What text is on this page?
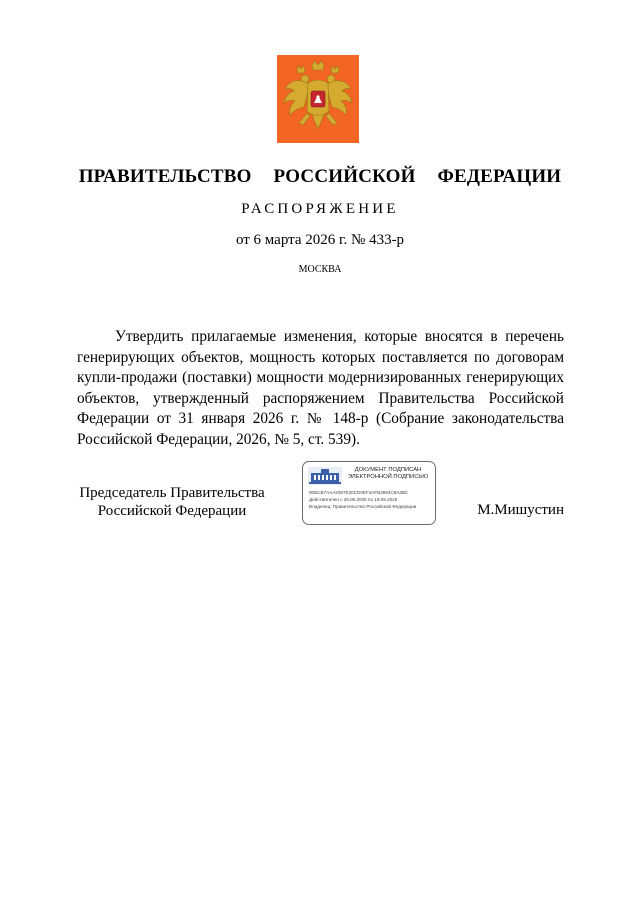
ПРАВИТЕЛЬСТВО  РОССИЙСКОЙ  ФЕДЕРАЦИИ
РАСПОРЯЖЕНИЕ
от 6 марта 2026 г. № 433-р
МОСКВА
Утвердить прилагаемые изменения, которые вносятся в перечень генерирующих объектов, мощность которых поставляется по договорам купли-продажи (поставки) мощности модернизированных генерирующих объектов, утвержденный распоряжением Правительства Российской Федерации от 31 января 2026 г. № 148-р (Собрание законодательства Российской Федерации, 2026, № 5, ст. 539).
Председатель Правительства
Российской Федерации
ДОКУМЕНТ ПОДПИСАН
ЭЛЕКТРОННОЙ ПОДПИСЬЮ
00BCB7AAA2097E20CD0EF4AFB4984C8A3BC
Действителен с 26.06.2025 по 19.09.2026
Владелец: Правительство Российской Федерации	М.Мишустин
